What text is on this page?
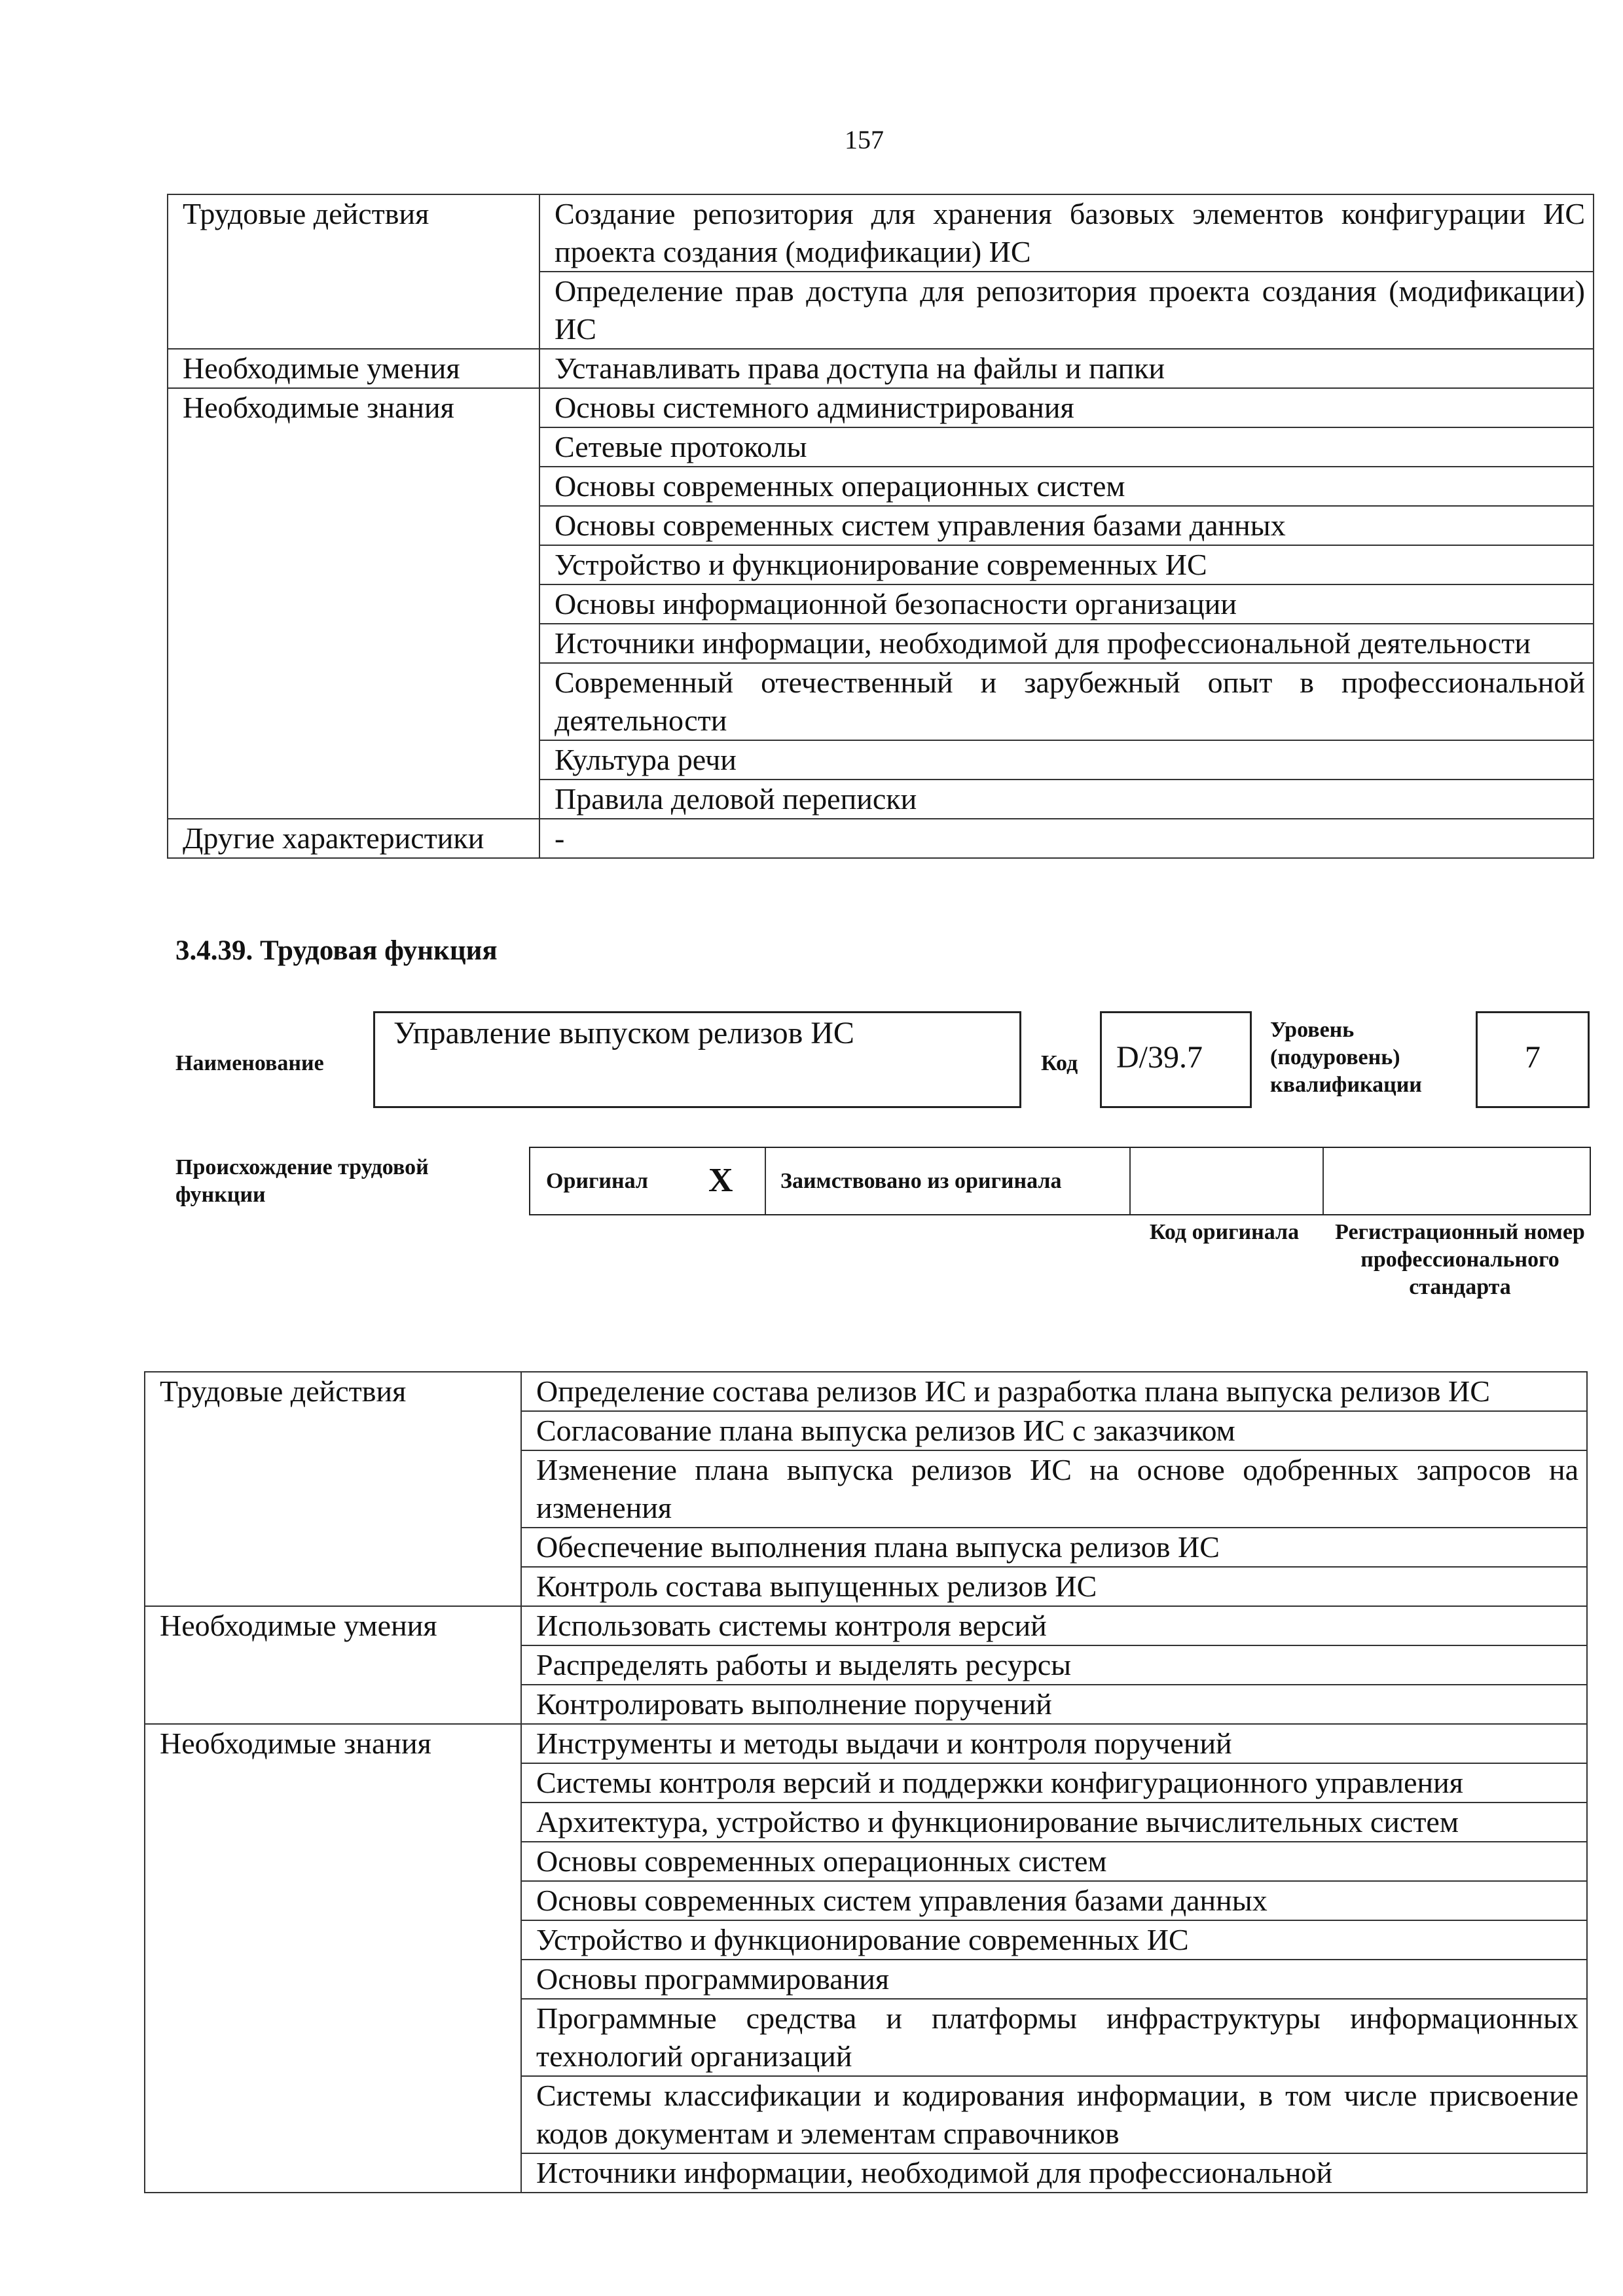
157
Трудовые действия	Создание репозитория для хранения базовых элементов конфигурации ИС проекта создания (модификации) ИС
	Определение прав доступа для репозитория проекта создания (модификации) ИС
Необходимые умения	Устанавливать права доступа на файлы и папки
Необходимые знания	Основы системного администрирования
	Сетевые протоколы
	Основы современных операционных систем
	Основы современных систем управления базами данных
	Устройство и функционирование современных ИС
	Основы информационной безопасности организации
	Источники информации, необходимой для профессиональной деятельности
	Современный отечественный и зарубежный опыт в профессиональной деятельности
	Культура речи
	Правила деловой переписки
Другие характеристики	-
3.4.39. Трудовая функция
Наименование
Управление выпуском релизов ИС
Код	D/39.7
Уровень (подуровень) квалификации
7
Происхождение трудовой функции
Оригинал X Заимствовано из оригинала
Код оригинала	Регистрационный номер профессионального стандарта
Трудовые действия	Определение состава релизов ИС и разработка плана выпуска релизов ИС
	Согласование плана выпуска релизов ИС с заказчиком
	Изменение плана выпуска релизов ИС на основе одобренных запросов на изменения
	Обеспечение выполнения плана выпуска релизов ИС
	Контроль состава выпущенных релизов ИС
Необходимые умения	Использовать системы контроля версий
	Распределять работы и выделять ресурсы
	Контролировать выполнение поручений
Необходимые знания	Инструменты и методы выдачи и контроля поручений
	Системы контроля версий и поддержки конфигурационного управления
	Архитектура, устройство и функционирование вычислительных систем
	Основы современных операционных систем
	Основы современных систем управления базами данных
	Устройство и функционирование современных ИС
	Основы программирования
	Программные средства и платформы инфраструктуры информационных технологий организаций
	Системы классификации и кодирования информации, в том числе присвоение кодов документам и элементам справочников
	Источники информации, необходимой для профессиональной
